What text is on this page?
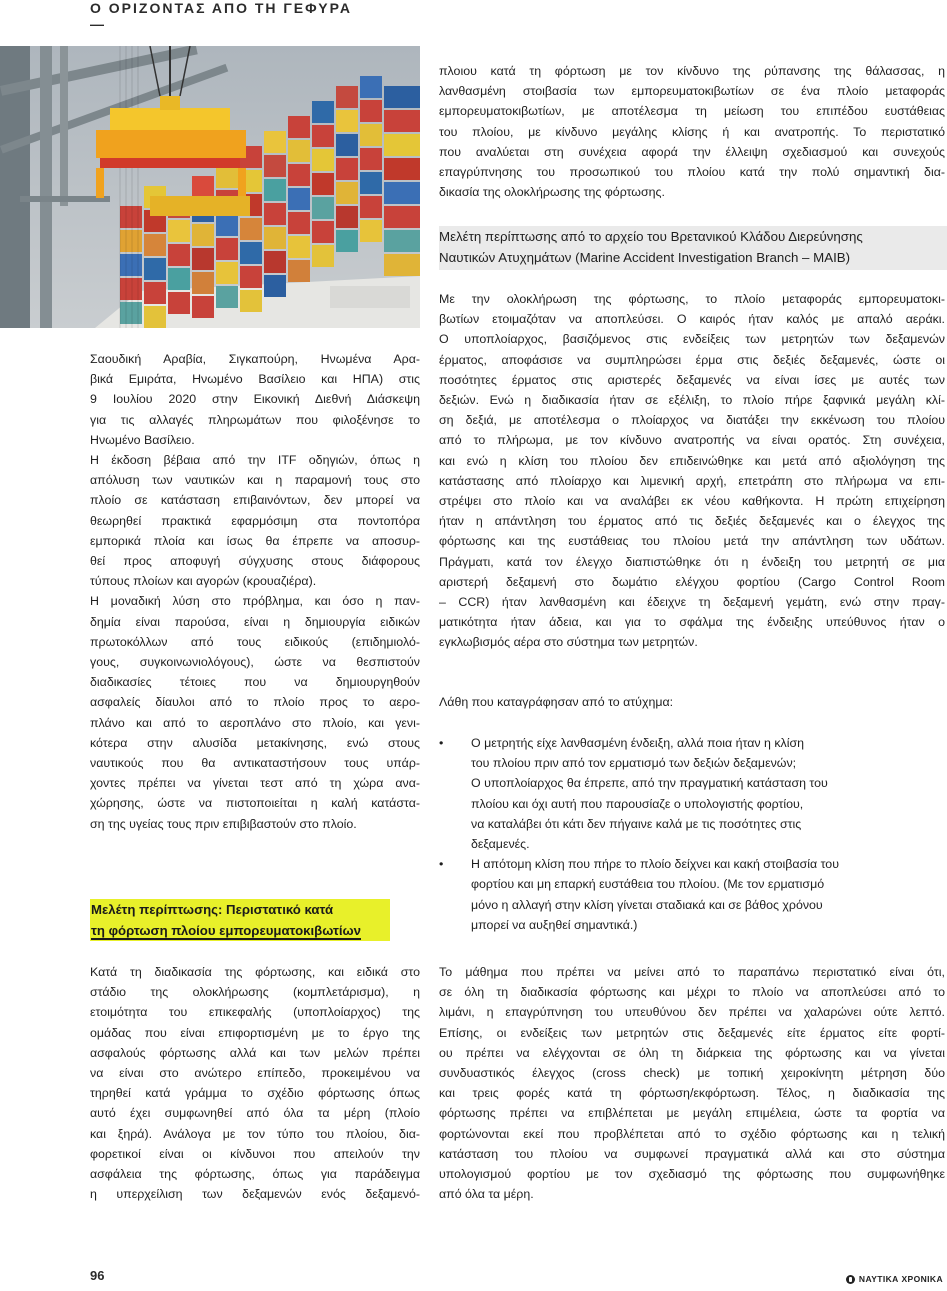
Ο ΟΡΙΖΟΝΤΑΣ ΑΠΟ ΤΗ ΓΕΦΥΡΑ
—

Σαουδική Αραβία, Σιγκαπούρη, Ηνωμένα Αρα-

βικά Εμιράτα, Ηνωμένο Βασίλειο και ΗΠΑ) στις

9 Ιουλίου 2020 στην Εικονική Διεθνή Διάσκεψη

για τις αλλαγές πληρωμάτων που φιλοξένησε το

Ηνωμένο Βασίλειο.

Η έκδοση βέβαια από την ITF οδηγιών, όπως η

απόλυση των ναυτικών και η παραμονή τους στο

πλοίο σε κατάσταση επιβαινόντων, δεν μπορεί να

θεωρηθεί πρακτικά εφαρμόσιμη στα ποντοπόρα

εμπορικά πλοία και ίσως θα έπρεπε να αποσυρ-

θεί προς αποφυγή σύγχυσης στους διάφορους

τύπους πλοίων και αγορών (κρουαζιέρα).

Η μοναδική λύση στο πρόβλημα, και όσο η παν-

δημία είναι παρούσα, είναι η δημιουργία ειδικών

πρωτοκόλλων από τους ειδικούς (επιδημιολό-

γους, συγκοινωνιολόγους), ώστε να θεσπιστούν

διαδικασίες τέτοιες που να δημιουργηθούν

ασφαλείς δίαυλοι από το πλοίο προς το αερο-

πλάνο και από το αεροπλάνο στο πλοίο, και γενι-

κότερα στην αλυσίδα μετακίνησης, ενώ στους

ναυτικούς που θα αντικαταστήσουν τους υπάρ-

χοντες πρέπει να γίνεται τεστ από τη χώρα ανα-

χώρησης, ώστε να πιστοποιείται η καλή κατάστα-

ση της υγείας τους πριν επιβιβαστούν στο πλοίο.

Μελέτη περίπτωσης: Περιστατικό κατά
τη φόρτωση πλοίου εμπορευματοκιβωτίων

Κατά τη διαδικασία της φόρτωσης, και ειδικά στο

στάδιο της ολοκλήρωσης (κομπλετάρισμα), η

ετοιμότητα του επικεφαλής (υποπλοίαρχος) της

ομάδας που είναι επιφορτισμένη με το έργο της

ασφαλούς φόρτωσης αλλά και των μελών πρέπει

να είναι στο ανώτερο επίπεδο, προκειμένου να

τηρηθεί κατά γράμμα το σχέδιο φόρτωσης όπως

αυτό έχει συμφωνηθεί από όλα τα μέρη (πλοίο

και ξηρά). Ανάλογα με τον τύπο του πλοίου, δια-

φορετικοί είναι οι κίνδυνοι που απειλούν την

ασφάλεια της φόρτωσης, όπως για παράδειγμα

η υπερχείλιση των δεξαμενών ενός δεξαμενό-

πλοιου κατά τη φόρτωση με τον κίνδυνο της ρύπανσης της θάλασσας, η

λανθασμένη στοιβασία των εμπορευματοκιβωτίων σε ένα πλοίο μεταφοράς

εμπορευματοκιβωτίων, με αποτέλεσμα τη μείωση του επιπέδου ευστάθειας

του πλοίου, με κίνδυνο μεγάλης κλίσης ή και ανατροπής. Το περιστατικό

που αναλύεται στη συνέχεια αφορά την έλλειψη σχεδιασμού και συνεχούς

επαγρύπνησης του προσωπικού του πλοίου κατά την πολύ σημαντική δια-

δικασία της ολοκλήρωσης της φόρτωσης.

Μελέτη περίπτωσης από το αρχείο του Βρετανικού Κλάδου Διερεύνησης
Ναυτικών Ατυχημάτων (Marine Accident Investigation Branch – MAIB)

Με την ολοκλήρωση της φόρτωσης, το πλοίο μεταφοράς εμπορευματοκι-

βωτίων ετοιμαζόταν να αποπλεύσει. Ο καιρός ήταν καλός με απαλό αεράκι.

Ο υποπλοίαρχος, βασιζόμενος στις ενδείξεις των μετρητών των δεξαμενών

έρματος, αποφάσισε να συμπληρώσει έρμα στις δεξιές δεξαμενές, ώστε οι

ποσότητες έρματος στις αριστερές δεξαμενές να είναι ίσες με αυτές των

δεξιών. Ενώ η διαδικασία ήταν σε εξέλιξη, το πλοίο πήρε ξαφνικά μεγάλη κλί-

ση δεξιά, με αποτέλεσμα ο πλοίαρχος να διατάξει την εκκένωση του πλοίου

από το πλήρωμα, με τον κίνδυνο ανατροπής να είναι ορατός. Στη συνέχεια,

και ενώ η κλίση του πλοίου δεν επιδεινώθηκε και μετά από αξιολόγηση της

κατάστασης από πλοίαρχο και λιμενική αρχή, επετράπη στο πλήρωμα να επι-

στρέψει στο πλοίο και να αναλάβει εκ νέου καθήκοντα. Η πρώτη επιχείρηση

ήταν η απάντληση του έρματος από τις δεξιές δεξαμενές και ο έλεγχος της

φόρτωσης και της ευστάθειας του πλοίου μετά την απάντληση των υδάτων.

Πράγματι, κατά τον έλεγχο διαπιστώθηκε ότι η ένδειξη του μετρητή σε μια

αριστερή δεξαμενή στο δωμάτιο ελέγχου φορτίου (Cargo Control Room

– CCR) ήταν λανθασμένη και έδειχνε τη δεξαμενή γεμάτη, ενώ στην πραγ-

ματικότητα ήταν άδεια, και για το σφάλμα της ένδειξης υπεύθυνος ήταν ο

εγκλωβισμός αέρα στο σύστημα των μετρητών.

Λάθη που καταγράφησαν από το ατύχημα:

• Ο μετρητής είχε λανθασμένη ένδειξη, αλλά ποια ήταν η κλίση

του πλοίου πριν από τον ερματισμό των δεξιών δεξαμενών;

Ο υποπλοίαρχος θα έπρεπε, από την πραγματική κατάσταση του

πλοίου και όχι αυτή που παρουσίαζε ο υπολογιστής φορτίου,

να καταλάβει ότι κάτι δεν πήγαινε καλά με τις ποσότητες στις

δεξαμενές.

• Η απότομη κλίση που πήρε το πλοίο δείχνει και κακή στοιβασία του

φορτίου και μη επαρκή ευστάθεια του πλοίου. (Με τον ερματισμό

μόνο η αλλαγή στην κλίση γίνεται σταδιακά και σε βάθος χρόνου

μπορεί να αυξηθεί σημαντικά.)

Το μάθημα που πρέπει να μείνει από το παραπάνω περιστατικό είναι ότι,

σε όλη τη διαδικασία φόρτωσης και μέχρι το πλοίο να αποπλεύσει από το

λιμάνι, η επαγρύπνηση του υπευθύνου δεν πρέπει να χαλαρώνει ούτε λεπτό.

Επίσης, οι ενδείξεις των μετρητών στις δεξαμενές είτε έρματος είτε φορτί-

ου πρέπει να ελέγχονται σε όλη τη διάρκεια της φόρτωσης και να γίνεται

συνδυαστικός έλεγχος (cross check) με τοπική χειροκίνητη μέτρηση δύο

και τρεις φορές κατά τη φόρτωση/εκφόρτωση. Τέλος, η διαδικασία της

φόρτωσης πρέπει να επιβλέπεται με μεγάλη επιμέλεια, ώστε τα φορτία να

φορτώνονται εκεί που προβλέπεται από το σχέδιο φόρτωσης και η τελική

κατάσταση του πλοίου να συμφωνεί πραγματικά αλλά και στο σύστημα

υπολογισμού φορτίου με τον σχεδιασμό της φόρτωσης που συμφωνήθηκε

από όλα τα μέρη.

96	ΝΑΥΤΙΚΑ ΧΡΟΝΙΚΑ
